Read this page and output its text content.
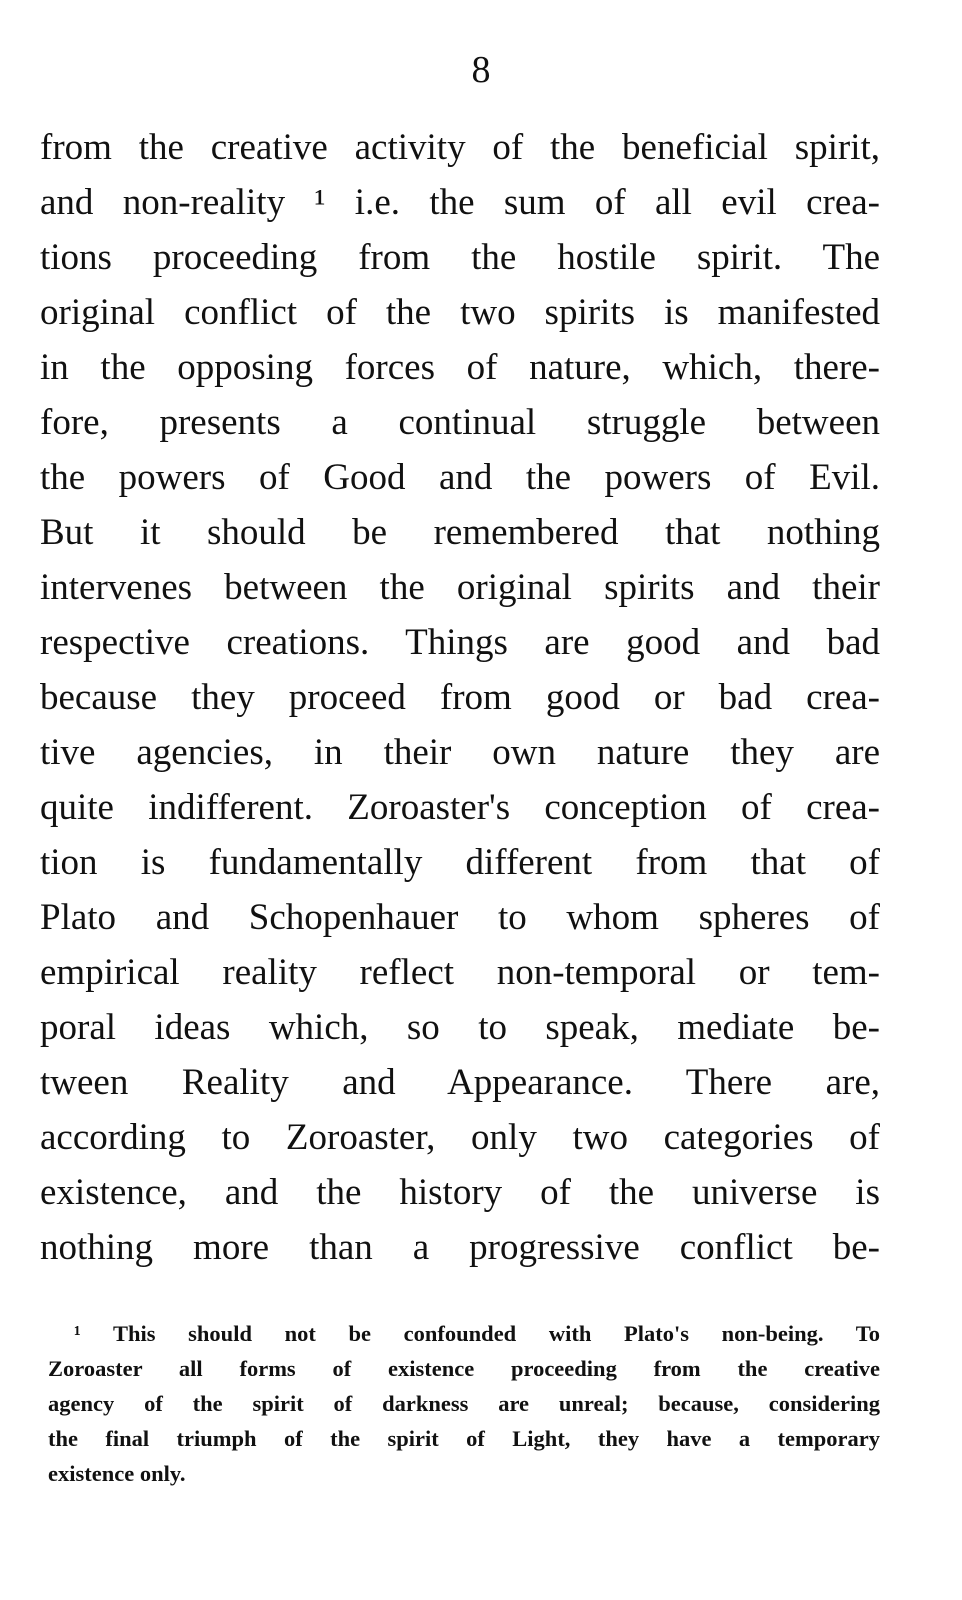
8
from the creative activity of the beneficial spirit,
and non-reality ¹ i.e. the sum of all evil crea-
tions proceeding from the hostile spirit. The
original conflict of the two spirits is manifested
in the opposing forces of nature, which, there-
fore, presents a continual struggle between
the powers of Good and the powers of Evil.
But it should be remembered that nothing
intervenes between the original spirits and their
respective creations. Things are good and bad
because they proceed from good or bad crea-
tive agencies, in their own nature they are
quite indifferent. Zoroaster's conception of crea-
tion is fundamentally different from that of
Plato and Schopenhauer to whom spheres of
empirical reality reflect non-temporal or tem-
poral ideas which, so to speak, mediate be-
tween Reality and Appearance. There are,
according to Zoroaster, only two categories of
existence, and the history of the universe is
nothing more than a progressive conflict be-
¹ This should not be confounded with Plato's non-being. To
Zoroaster all forms of existence proceeding from the creative
agency of the spirit of darkness are unreal; because, considering
the final triumph of the spirit of Light, they have a temporary
existence only.
